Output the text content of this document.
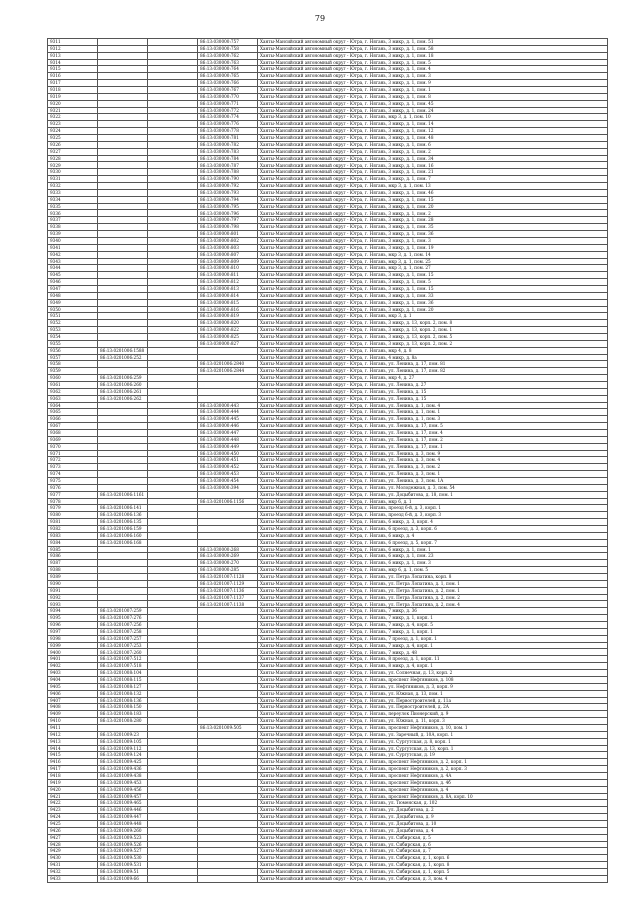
79
9311			86:13:030000:757	Ханты-Мансийский автономный округ - Югра, г. Нягань, 3 микр, д. 1, пом. 51
9312			86:13:030000:758	Ханты-Мансийский автономный округ - Югра, г. Нягань, 3 микр, д. 1, пом. 58
9313			86:13:030000:762	Ханты-Мансийский автономный округ - Югра, г. Нягань, 3 микр, д. 1, пом. 18
9314			86:13:030000:763	Ханты-Мансийский автономный округ - Югра, г. Нягань, 3 микр, д. 1, пом. 5
9315			86:13:030000:764	Ханты-Мансийский автономный округ - Югра, г. Нягань, 3 микр, д. 1, пом. 4
9316			86:13:030000:765	Ханты-Мансийский автономный округ - Югра, г. Нягань, 3 микр, д. 1, пом. 3
9317			86:13:030000:766	Ханты-Мансийский автономный округ - Югра, г. Нягань, 3 микр, д. 1, пом. 9
9318			86:13:030000:767	Ханты-Мансийский автономный округ - Югра, г. Нягань, 3 микр, д. 1, пом. 1
9319			86:13:030000:770	Ханты-Мансийский автономный округ - Югра, г. Нягань, 3 микр, д. 1, пом. 8
9320			86:13:030000:771	Ханты-Мансийский автономный округ - Югра, г. Нягань, 3 микр, д. 1, пом. 45
9321			86:13:030000:772	Ханты-Мансийский автономный округ - Югра, г. Нягань, 3 микр, д. 1, пом. 24
9322			86:13:030000:774	Ханты-Мансийский автономный округ - Югра, г. Нягань, мкр 3, д. 1, пом. 10
9323			86:13:030000:776	Ханты-Мансийский автономный округ - Югра, г. Нягань, 3 микр, д. 1, пом. 14
9324			86:13:030000:778	Ханты-Мансийский автономный округ - Югра, г. Нягань, 3 микр, д. 1, пом. 12
9325			86:13:030000:781	Ханты-Мансийский автономный округ - Югра, г. Нягань, 3 микр, д. 1, пом. 48
9326			86:13:030000:782	Ханты-Мансийский автономный округ - Югра, г. Нягань, 3 микр, д. 1, пом. 6
9327			86:13:030000:783	Ханты-Мансийский автономный округ - Югра, г. Нягань, 3 микр, д. 1, пом. 2
9328			86:13:030000:784	Ханты-Мансийский автономный округ - Югра, г. Нягань, 3 микр, д. 1, пом. 34
9329			86:13:030000:787	Ханты-Мансийский автономный округ - Югра, г. Нягань, 3 микр, д. 1, пом. 16
9330			86:13:030000:788	Ханты-Мансийский автономный округ - Югра, г. Нягань, 3 микр, д. 1, пом. 21
9331			86:13:030000:790	Ханты-Мансийский автономный округ - Югра, г. Нягань, 3 микр, д. 1, пом. 7
9332			86:13:030000:792	Ханты-Мансийский автономный округ - Югра, г. Нягань, мкр 3, д. 1, пом. 13
9333			86:13:030000:793	Ханты-Мансийский автономный округ - Югра, г. Нягань, 3 микр, д. 1, пом. 46
9334			86:13:030000:794	Ханты-Мансийский автономный округ - Югра, г. Нягань, 3 микр, д. 1, пом. 15
9335			86:13:030000:795	Ханты-Мансийский автономный округ - Югра, г. Нягань, 3 микр, д. 1, пом. 20
9336			86:13:030000:796	Ханты-Мансийский автономный округ - Югра, г. Нягань, 3 микр, д. 1, пом. 2
9337			86:13:030000:797	Ханты-Мансийский автономный округ - Югра, г. Нягань, 3 микр, д. 1, пом. 28
9338			86:13:030000:798	Ханты-Мансийский автономный округ - Югра, г. Нягань, 3 микр, д. 1, пом. 35
9339			86:13:030000:801	Ханты-Мансийский автономный округ - Югра, г. Нягань, 3 микр, д. 1, пом. 36
9340			86:13:030000:802	Ханты-Мансийский автономный округ - Югра, г. Нягань, 3 микр, д. 1, пом. 3
9341			86:13:030000:803	Ханты-Мансийский автономный округ - Югра, г. Нягань, 3 микр, д. 1, пом. 19
9342			86:13:030000:807	Ханты-Мансийский автономный округ - Югра, г. Нягань, мкр 3, д. 1, пом. 14
9343			86:13:030000:809	Ханты-Мансийский автономный округ - Югра, г. Нягань, мкр 3, д. 1, пом. 25
9344			86:13:030000:810	Ханты-Мансийский автономный округ - Югра, г. Нягань, мкр 3, д. 1, пом. 27
9345			86:13:030000:811	Ханты-Мансийский автономный округ - Югра, г. Нягань, 3 микр, д. 1, пом. 15
9346			86:13:030000:812	Ханты-Мансийский автономный округ - Югра, г. Нягань, 3 микр, д. 1, пом. 5
9347			86:13:030000:813	Ханты-Мансийский автономный округ - Югра, г. Нягань, 3 микр, д. 1, пом. 15
9348			86:13:030000:814	Ханты-Мансийский автономный округ - Югра, г. Нягань, 3 микр, д. 1, пом. 33
9349			86:13:030000:815	Ханты-Мансийский автономный округ - Югра, г. Нягань, 3 микр, д. 1, пом. 36
9350			86:13:030000:816	Ханты-Мансийский автономный округ - Югра, г. Нягань, 3 микр, д. 1, пом. 20
9351			86:13:030000:819	Ханты-Мансийский автономный округ - Югра, г. Нягань, мкр 3, д. 1
9352			86:13:030000:820	Ханты-Мансийский автономный округ - Югра, г. Нягань, 3 микр, д. 13, корп. 2, пом. 8
9353			86:13:030000:822	Ханты-Мансийский автономный округ - Югра, г. Нягань, 3 микр, д. 13, корп. 2, пом. 1
9354			86:13:030000:825	Ханты-Мансийский автономный округ - Югра, г. Нягань, 3 микр, д. 13, корп. 2, пом. 5
9355			86:13:030000:827	Ханты-Мансийский автономный округ - Югра, г. Нягань, 3 микр, д. 13, корп. 2, пом. 2
9356	86:13:0201006:1588			Ханты-Мансийский автономный округ - Югра, г. Нягань, мкр 4, д. 8
9357	86:13:0201006:252			Ханты-Мансийский автономный округ - Югра, г. Нягань, 4 микр, д. 8а
9358			86:13:0201006:2840	Ханты-Мансийский автономный округ - Югра, г. Нягань, ул. Ленина, д. 17, пом. 81
9359			86:13:0201006:2844	Ханты-Мансийский автономный округ - Югра, г. Нягань, ул. Ленина, д. 17, пом. 82
9360	86:13:0201006:259			Ханты-Мансийский автономный округ - Югра, г. Нягань, мкр 4, д. 27
9361	86:13:0201006:260			Ханты-Мансийский автономный округ - Югра, г. Нягань, ул. Ленина, д. 27
9362	86:13:0201006:261			Ханты-Мансийский автономный округ - Югра, г. Нягань, ул. Ленина, д. 15
9363	86:13:0201006:262			Ханты-Мансийский автономный округ - Югра, г. Нягань, ул. Ленина, д. 15
9364			86:13:030000:443	Ханты-Мансийский автономный округ - Югра, г. Нягань, ул. Ленина, д. 1, пом. 4
9365			86:13:030000:444	Ханты-Мансийский автономный округ - Югра, г. Нягань, ул. Ленина, д. 1, пом. 1
9366			86:13:030000:445	Ханты-Мансийский автономный округ - Югра, г. Нягань, ул. Ленина, д. 1, пом. 3
9367			86:13:030000:446	Ханты-Мансийский автономный округ - Югра, г. Нягань, ул. Ленина, д. 17, пом. 5
9368			86:13:030000:447	Ханты-Мансийский автономный округ - Югра, г. Нягань, ул. Ленина, д. 17, пом. 4
9369			86:13:030000:448	Ханты-Мансийский автономный округ - Югра, г. Нягань, ул. Ленина, д. 17, пом. 2
9370			86:13:030000:449	Ханты-Мансийский автономный округ - Югра, г. Нягань, ул. Ленина, д. 17, пом. 1
9371			86:13:030000:450	Ханты-Мансийский автономный округ - Югра, г. Нягань, ул. Ленина, д. 3, пом. 9
9372			86:13:030000:451	Ханты-Мансийский автономный округ - Югра, г. Нягань, ул. Ленина, д. 3, пом. 4
9373			86:13:030000:452	Ханты-Мансийский автономный округ - Югра, г. Нягань, ул. Ленина, д. 3, пом. 2
9374			86:13:030000:453	Ханты-Мансийский автономный округ - Югра, г. Нягань, ул. Ленина, д. 3, пом. 1
9375			86:13:030000:454	Ханты-Мансийский автономный округ - Югра, г. Нягань, ул. Ленина, д. 3, пом. 1А
9376			86:13:030000:394	Ханты-Мансийский автономный округ - Югра, г. Нягань, ул. Молодежная, д. 3, пом. 54
9377	86:13:0201006:1161			Ханты-Мансийский автономный округ - Югра, г. Нягань, ул. Доцыбитова, д. 18, пом. 1
9378			86:13:0201006:1156	Ханты-Мансийский автономный округ - Югра, г. Нягань, мкр 6, д. 1
9379	86:13:0201006:141			Ханты-Мансийский автономный округ - Югра, г. Нягань, проезд 6-й, д. 3, корп. 1
9380	86:13:0201006:136			Ханты-Мансийский автономный округ - Югра, г. Нягань, проезд 6-й, д. 3, корп. 3
9381	86:13:0201006:135			Ханты-Мансийский автономный округ - Югра, г. Нягань, 6 микр, д. 3, корп. 4
9382	86:13:0201006:159			Ханты-Мансийский автономный округ - Югра, г. Нягань, 6 проезд, д. 3, корп. 6
9383	86:13:0201006:160			Ханты-Мансийский автономный округ - Югра, г. Нягань, 6 микр, д. 4
9384	86:13:0201006:168			Ханты-Мансийский автономный округ - Югра, г. Нягань, 6 проезд, д. 5, корп. 7
9385			86:13:030000:268	Ханты-Мансийский автономный округ - Югра, г. Нягань, 6 микр, д. 1, пом. 1
9386			86:13:030000:269	Ханты-Мансийский автономный округ - Югра, г. Нягань, 6 микр, д. 1, пом. 23
9387			86:13:030000:270	Ханты-Мансийский автономный округ - Югра, г. Нягань, 6 микр, д. 1, пом. 3
9388			86:13:030000:285	Ханты-Мансийский автономный округ - Югра, г. Нягань, мкр 6, д. 1, пом. 5
9389			86:13:0201007:1128	Ханты-Мансийский автономный округ - Югра, г. Нягань, ул. Петра Лопатина, корп. 8
9390			86:13:0201007:1129	Ханты-Мансийский автономный округ - Югра, г. Нягань, ул. Петра Лопатина, д. 1, пом. 1
9391			86:13:0201007:1136	Ханты-Мансийский автономный округ - Югра, г. Нягань, ул. Петра Лопатина, д. 2, пом. 1
9392			86:13:0201007:1137	Ханты-Мансийский автономный округ - Югра, г. Нягань, ул. Петра Лопатина, д. 2, пом. 2
9393			86:13:0201007:1138	Ханты-Мансийский автономный округ - Югра, г. Нягань, ул. Петра Лопатина, д. 2, пом. 4
9394	86:13:0201007:259			Ханты-Мансийский автономный округ - Югра, г. Нягань, 7 микр, д. 36
9395	86:13:0201007:276			Ханты-Мансийский автономный округ - Югра, г. Нягань, 7 микр, д. 1, корп. 1
9396	86:13:0201007:256			Ханты-Мансийский автономный округ - Югра, г. Нягань, 7 микр, д. 4, корп. 5
9397	86:13:0201007:258			Ханты-Мансийский автономный округ - Югра, г. Нягань, 7 микр, д. 1, корп. 1
9398	86:13:0201007:257			Ханты-Мансийский автономный округ - Югра, г. Нягань, 7 проезд, д. 1, корп. 1
9399	86:13:0201007:253			Ханты-Мансийский автономный округ - Югра, г. Нягань, 7 микр, д. 4, корп. 1
9400	86:13:0201007:260			Ханты-Мансийский автономный округ - Югра, г. Нягань, 7 микр, д. 48
9401	86:13:0201007:512			Ханты-Мансийский автономный округ - Югра, г. Нягань, 8 проезд, д. 1, корп. 11
9402	86:13:0201007:518			Ханты-Мансийский автономный округ - Югра, г. Нягань, 8 микр, д. 4, корп. 1
9403	86:13:0201008:104			Ханты-Мансийский автономный округ - Югра, г. Нягань, ул. Солнечная, д. 13, корп. 2
9404	86:13:0201008:115			Ханты-Мансийский автономный округ - Югра, г. Нягань, проспект Нефтяников, д. 108
9405	86:13:0201008:127			Ханты-Мансийский автономный округ - Югра, г. Нягань, ул. Нефтяников, д. 3, корп. 9
9406	86:13:0201008:132			Ханты-Мансийский автономный округ - Югра, г. Нягань, ул. Южная, д. 13, пом. 1
9407	86:13:0201008:136			Ханты-Мансийский автономный округ - Югра, г. Нягань, ул. Первостроителей, д. 11а
9408	86:13:0201008:150			Ханты-Мансийский автономный округ - Югра, г. Нягань, ул. Первостроителей, д. 2А
9409	86:13:0201008:183			Ханты-Мансийский автономный округ - Югра, г. Нягань, переулок Пионерский, д. 9
9410	86:13:0201008:280			Ханты-Мансийский автономный округ - Югра, г. Нягань, ул. Южная, д. 11, корп. 3
9411			86:13:0201009:505	Ханты-Мансийский автономный округ - Югра, г. Нягань, проспект Нефтяников, д. 10, пом. 1
9412	86:13:0201009:23			Ханты-Мансийский автономный округ - Югра, г. Нягань, ул. Заречный, д. 10А, корп. 1
9413	86:13:0201009:105			Ханты-Мансийский автономный округ - Югра, г. Нягань, ул. Сургутская, д. 8, корп. 1
9414	86:13:0201009:112			Ханты-Мансийский автономный округ - Югра, г. Нягань, ул. Сургутская, д. 13, корп. 1
9415	86:13:0201009:124			Ханты-Мансийский автономный округ - Югра, г. Нягань, ул. Сургутская, д. 19
9416	86:13:0201009:425			Ханты-Мансийский автономный округ - Югра, г. Нягань, проспект Нефтяников, д. 2, корп. 1
9417	86:13:0201009:436			Ханты-Мансийский автономный округ - Югра, г. Нягань, проспект Нефтяников, д. 2, корп. 3
9418	86:13:0201009:438			Ханты-Мансийский автономный округ - Югра, г. Нягань, проспект Нефтяников, д. 4А
9419	86:13:0201009:453			Ханты-Мансийский автономный округ - Югра, г. Нягань, проспект Нефтяников, д. 4б
9420	86:13:0201009:456			Ханты-Мансийский автономный округ - Югра, г. Нягань, проспект Нефтяников, д. 4
9421	86:13:0201009:457			Ханты-Мансийский автономный округ - Югра, г. Нягань, проспект Нефтяников, д. 8А, корп. 10
9422	86:13:0201009:465			Ханты-Мансийский автономный округ - Югра, г. Нягань, ул. Тюменская, д. 102
9423	86:13:0201009:446			Ханты-Мансийский автономный округ - Югра, г. Нягань, ул. Доцыбитова, д. 2
9424	86:13:0201009:447			Ханты-Мансийский автономный округ - Югра, г. Нягань, ул. Доцыбитова, д. 9
9425	86:13:0201009:448			Ханты-Мансийский автономный округ - Югра, г. Нягань, ул. Доцыбитова, д. 10
9426	86:13:0201009:260			Ханты-Мансийский автономный округ - Югра, г. Нягань, ул. Доцыбитова, д. 4
9427	86:13:0201009:523			Ханты-Мансийский автономный округ - Югра, г. Нягань, ул. Сибирская, д. 5
9428	86:13:0201009:526			Ханты-Мансийский автономный округ - Югра, г. Нягань, ул. Сибирская, д. 6
9429	86:13:0201009:527			Ханты-Мансийский автономный округ - Югра, г. Нягань, ул. Сибирская, д. 7
9430	86:13:0201009:530			Ханты-Мансийский автономный округ - Югра, г. Нягань, ул. Сибирская, д. 1, корп. 6
9431	86:13:0201009:531			Ханты-Мансийский автономный округ - Югра, г. Нягань, ул. Сибирская, д. 1, корп. 8
9432	86:13:0201009:51			Ханты-Мансийский автономный округ - Югра, г. Нягань, ул. Сибирская, д. 1, корп. 5
9433	86:13:0201009:66			Ханты-Мансийский автономный округ - Югра, г. Нягань, ул. Сибирская, д. 3, пом. 4
